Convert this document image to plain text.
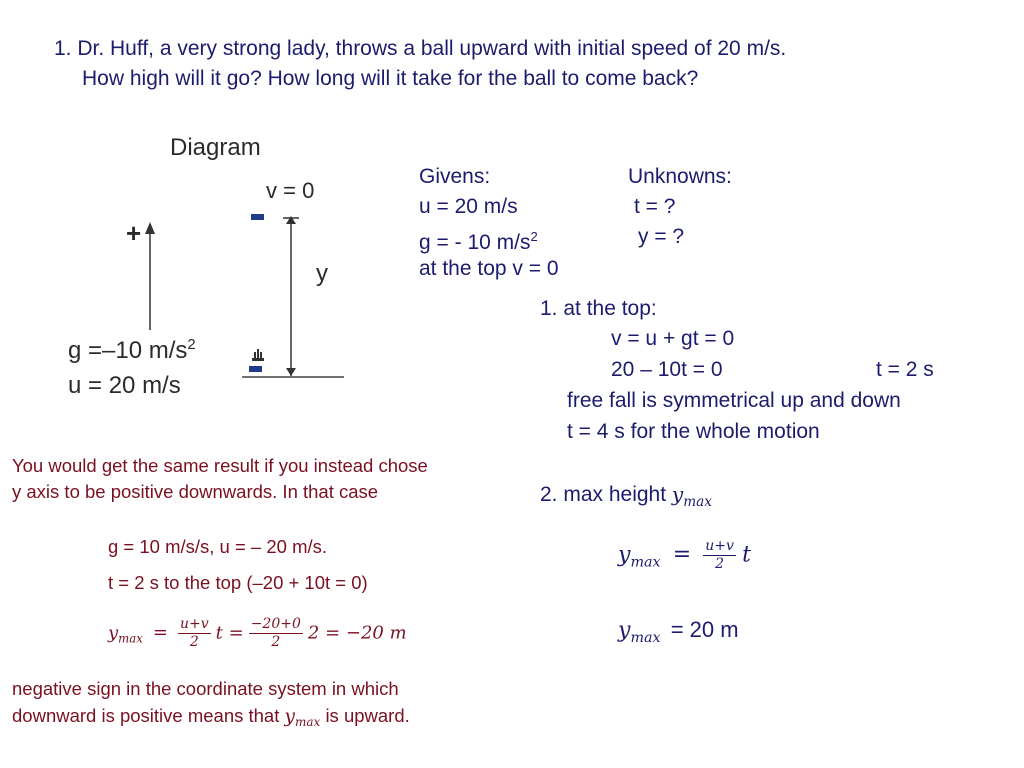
1. Dr. Huff, a very strong lady, throws a ball upward with initial speed of 20 m/s.
How high will it go? How long will it take for the ball to come back?
Diagram
+
v = 0
y
g =–10 $m/s^2$
u = 20 m/s
Givens:
u = 20 m/s
g = - 10 $m/s^2$
at the top v = 0
Unknowns:
t = ?
y = ?
1. at the top:
v = u + gt = 0
20 – 10t = 0	t = 2 s
free fall is symmetrical up and down
t = 4 s for the whole motion
2. max height $y_{max}$
$y_{max} = \frac{u+v}{2}$ t
$y_{max} = 20$ m
You would get the same result if you instead chose
y axis to be positive downwards. In that case
g = 10 m/s/s, u = – 20 m/s.
t = 2 s to the top (–20 + 10t = 0)
$y_{max} = \frac{u+v}{2}$ $t = \frac{-20+0}{2} 2 = -20$ m
negative sign in the coordinate system in which
downward is positive means that $y_{max}$ is upward.
